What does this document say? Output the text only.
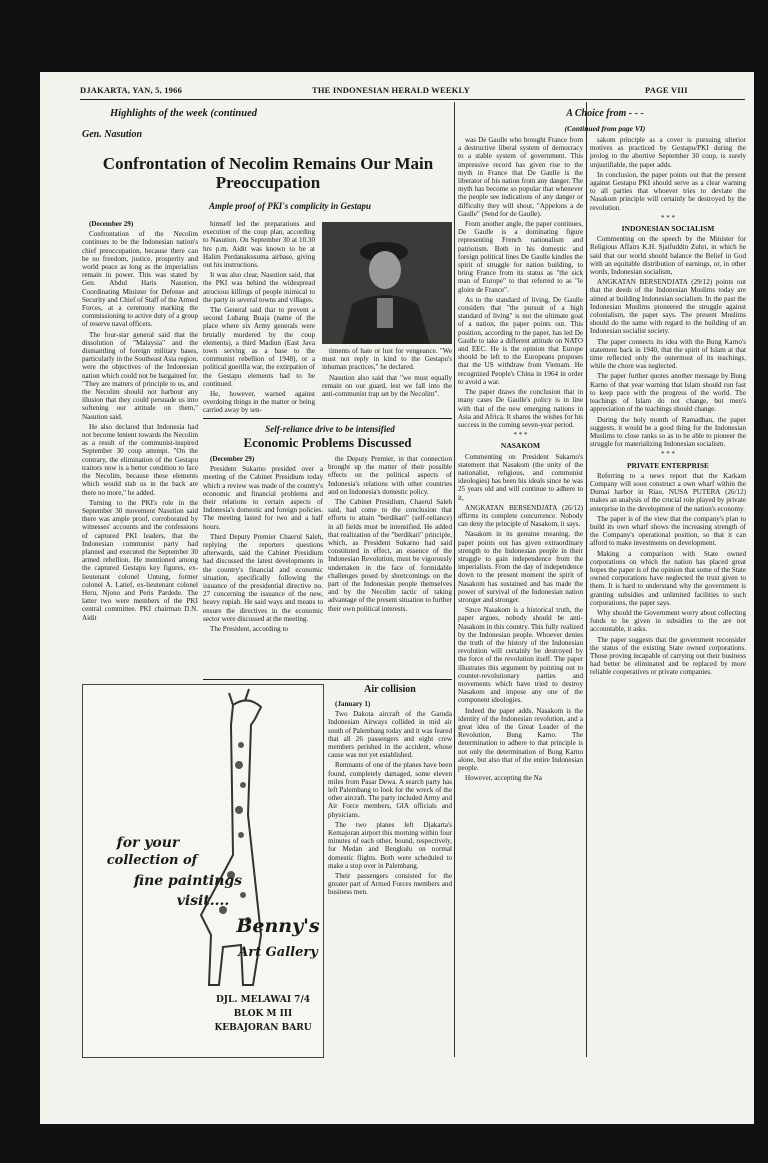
DJAKARTA, YAN, 5, 1966	THE INDONESIAN HERALD WEEKLY	PAGE VIII
Highlights of the week (continued
Gen. Nasution
Confrontation of Necolim Remains Our Main Preoccupation
Ample proof of PKI's complicity in Gestapu

(December 29)

Confrontation of the Necolim continues to be the Indonesian nation's chief preoccupation, because there can be no freedom, justice, prosperity and world peace as long as the imperialists remain in power. This was stated by Gen. Abdul Haris Nasution, Coordinating Minister for Defense and Security and Chief of Staff of the Armed Forces, at a ceremony marking the commissioning to active duty of a group of reserve naval officers.

The four-star general said that the dissolution of "Malaysia" and the dismantling of foreign military bases, particularly in the Southeast Asia region, were the objectives of the Indonesian nation which could not be bargained for. "They are matters of principle to us, and the Necolim should not harbour any illusion that they could persuade us into softening our attitude on them," Nasution said.

He also declared that Indonesia had not become lenient towards the Necolim as a result of the communist-inspired September 30 coup attempt. "On the contrary, the elimination of the Gestapu traitors now is a better condition to face the Necolim, because these elements which would stab us in the back are there no more," he added.

Turning to the PKI's role in the September 30 movement Nasution said there was ample proof, corroborated by witnesses' accounts and the confessions of captured PKI leaders, that the Indonesian communist party had planned and executed the September 30 armed rebellion. He mentioned among the captured Gestapu key figures, ex-lieutenant colonel Untung, former colonel A. Latief, ex-lieutenant colonel Heru, Njono and Peris Pardede. The latter two were members of the PKI central committee. PKI chairman D.N. Aidit

himself led the preparations and execution of the coup plan, according to Nasution. On September 30 at 10.30 hrs p.m. Aidit was known to be at Halim Perdanakusuma airbase, giving out his instructions.

It was also clear, Nasution said, that the PKI was behind the widespread atrocious killings of people inimical to the party in several towns and villages.

The General said that to prevent a second Lubang Buaja (name of the place where six Army generals were brutally murdered by the coup elements), a third Madiun (East Java town serving as a base to the communist rebellion of 1948), or a political guerilla war, the extirpation of the Gestapu elements had to be continued.

He, however, warned against overdoing things in the matter or being carried away by sen-

timents of hate or lust for vengeance. "We must not reply in kind to the Gestapu's inhuman practices," he declared.

Nasution also said that "we must equally remain on our guard, lest we fall into the anti-communist trap set by the Necolim".

Self-reliance drive to be intensified
Economic Problems Discussed

(December 29)

President Sukarno presided over a meeting of the Cabinet Presidium today which a review was made of the country's economic and financial problems and their relations to certain aspects of Indonesia's domestic and foreign policies. The meeting lasted for two and a half hours.

Third Deputy Premier Chaerul Saleh, replying the reporters questions afterwards, said the Cabinet Presidium had discussed the latest developments in the country's financial and economic situation, specifically following the issuance of the presidential directive no. 27 concerning the issuance of the new, heavy rupiah. He said ways and means to ensure the directives in the economic sector were discussed at the meeting.

The President, according to

the Deputy Premier, in that connection brought up the matter of their possible effects on the political aspects of Indonesia's relations with other countries and on Indonesia's domestic policy.

The Cabinet Presidium, Chaerul Saleh said, had come to the conclusion that efforts to attain "berdikari" (self-reliance) in all fields must be intensified. He added that realization of the "berdikari" principle, which, as President Sukarno had said constituted in effect, an essence of the Indonesian Revolution, must be vigorously undertaken in the face of formidable challenges posed by shortcomings on the part of the Indonesian people themselves and by the Necolim tactic of taking advantage of the present situation to further their own political interests.

for your
collection of
fine paintings
visit....
Benny's
Art Gallery
DJL. MELAWAI 7/4
BLOK M III
KEBAJORAN BARU
Air collision

(January 1)

Two Dakota aircraft of the Garuda Indonesian Airways collided in mid air south of Palembang today and it was feared that all 26 passengers and eight crew members perished in the accident, whose cause was not yet established.

Remnants of one of the planes have been found, completely damaged, some eleven miles from Pasar Dewa. A search party has left Palembang to look for the wreck of the other aircraft. The party included Army and Air Force members, GIA officials and physicians.

The two planes left Djakarta's Kemajoran airport this morning within four minutes of each other, bound, respectively, for Medan and Bengkulu on normal domestic flights. Both were scheduled to make a stop over in Palembang.

Their passengers consisted for the greater part of Armed Forces members and business men.

A Choice from - - -
(Continued from page VI)

was De Gaulle who brought France from a destructive liberal system of democracy to a stable system of government. This impressive record has given rise to the myth in France that De Gaulle is the liberator of his nation from any danger. The myth has become so popular that whenever the people see indications of any danger or difficulty they will shout, "Appelons a de Gaulle" (Send for de Gaulle).

From another angle, the paper continues, De Gaulle is a dominating figure representing French nationalism and patriotism. Both in his domestic and foreign political lines De Gaulle kindles the spirit of struggle for nation building, to bring France from its status as "the sick man of Europe" to that referred to as "le gloire de France".

As to the standard of living, De Gaulle considers that "the pursuit of a high standard of living" is not the ultimate goal of a nation, the paper points out. This position, according to the paper, has led De Gaulle to take a different attitude on NATO and EEC. He is the opinion that Europe should be left to the Europeans proposes that the US withdraw from Vietnam. He recognized People's China in 1964 in order to avoid a war.

The paper draws the conclusion that in many cases De Gaulle's policy is in line with that of the new emerging nations in Asia and Africa. It shares the wishes for his success in the coming seven-year period.

* * *
NASAKOM

Commenting on President Sukarno's statement that Nasakom (the unity of the nationalist, religious, and communist ideologies) has been his ideals since he was 25 years old and will continue to adhere to it,

ANGKATAN BERSENDJATA (26/12) affirms its complete concurrence. Nobody can deny the principle of Nasakom, it says.

Nasakom in its genuine meaning, the paper points out has given extraordinary strength to the Indonesian people in their struggle to gain independence from the imperialists. From the day of independence down to the present moment the spirit of Nasakom has sustained and has made the power of survival of the Indonesian nation stronger and stronger.

Since Nasakom is a historical truth, the paper argues, nobody should be anti-Nasakom in this country. This fully realized by the Indonesian people. Whoever denies the truth of the history of the Indonesian revolution will certainly be destroyed by the force of the revolution itself. The paper illustrates this argument by pointing out to counter-revolutionary parties and movements which have tried to destroy Nasakom and impose any one of the component ideologies.

Indeed the paper adds, Nasakom is the identity of the Indonesian revolution, and a great idea of the Great Leader of the Revolution, Bung Karno. The determination to adhere to that principle is not only the determination of Bong Karno alone, but also that of the entire Indonesian people.

However, accepting the Na

sakom principle as a cover is pursuing ulterior motives as practiced by Gestapu/PKI during the prolog to the abortive September 30 coup, is surely unjustifiable, the paper adds.

In conclusion, the paper points out that the present against Gestapu PKI should serve as a clear warning to all parties that whoever tries to deviate the Nasakom principle will certainly be destroyed by the revolution.

* * *
INDONESIAN SOCIALISM

Commenting on the speech by the Minister for Religious Affairs K.H. Sjaifuddin Zuhri, in which he said that our world should balance the Belief in God with an equitable distribution of earnings, or, in other words, Indonesian socialism,

ANGKATAN BERSENDJATA (29/12) points out that the deeds of the Indonesian Muslims today are aimed at building Indonesian socialism. In the past the Indonesian Muslims pioneered the struggle against colonialism, the paper says. The present Muslims should do the same with regard to the building of an Indonesian socialist society.

The paper connects its idea with the Bung Karno's statement back in 1940, that the spirit of Islam at that time reflected only the outermost of its teachings, while the chore was neglected.

The paper further quotes another message by Bung Karno of that year warning that Islam should run fast to keep pace with the progress of the world. The teachings of Islam do not change, but men's appreciation of the teachings should change.

During the holy month of Ramadhan, the paper suggests, it would be a good thing for the Indonesian Muslims to close ranks so as to be able to pioneer the struggle for materializing Indonesian socialism.

* * *
PRIVATE ENTERPRISE

Referring to a news report that the Karkam Company will soon construct a own wharf within the Dumai harbor in Riau, NUSA PUTERA (26/12) makes an analysis of the crucial role played by private enterprise in the development of the nation's economy.

The paper is of the view that the company's plan to build its own wharf shows the increasing strength of the Company's operational position, so that it can afford to make investments on development.

Making a comparison with State owned corporations on which the nation has placed great hopes the paper is of the opinion that some of the State owned corporations have neglected the trust given to them. It is hard to understand why the government is granting subsidies and unlimited facilities to such corporations, the paper says.

Why should the Government worry about collecting funds to be given in subsidies to the are not accountable, it asks.

The paper suggests that the government reconsider the status of the existing State owned corporations. Those proving incapable of carrying out their business had better be eliminated and be replaced by more reliable cooperatives or private companies.
